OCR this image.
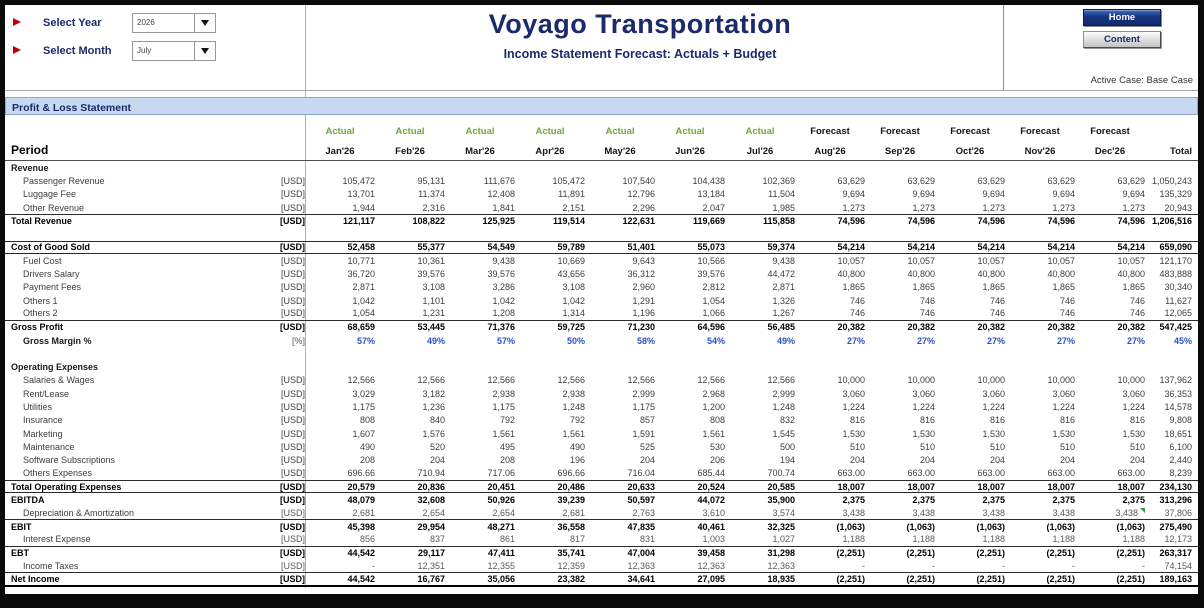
Select Year	2026
Select Month	July
Voyago Transportation
Income Statement Forecast: Actuals + Budget
Home
Content
Active Case: Base Case
Profit & Loss Statement
Actual	Actual	Actual	Actual	Actual	Actual	Actual	Forecast	Forecast	Forecast	Forecast	Forecast
Period	Jan'26	Feb'26	Mar'26	Apr'26	May'26	Jun'26	Jul'26	Aug'26	Sep'26	Oct'26	Nov'26	Dec'26	Total
Revenue
Passenger Revenue	[USD]	105,472	95,131	111,676	105,472	107,540	104,438	102,369	63,629	63,629	63,629	63,629	63,629 1,050,243
Luggage Fee	[USD]	13,701	11,374	12,408	11,891	12,796	13,184	11,504	9,694	9,694	9,694	9,694	9,694	135,329
Other Revenue	[USD]	1,944	2,316	1,841	2,151	2,296	2,047	1,985	1,273	1,273	1,273	1,273	1,273	20,943
Total Revenue	[USD]	121,117	108,822	125,925	119,514	122,631	119,669	115,858	74,596	74,596	74,596	74,596	74,596 1,206,516
Cost of Good Sold	[USD]	52,458	55,377	54,549	59,789	51,401	55,073	59,374	54,214	54,214	54,214	54,214	54,214	659,090
Fuel Cost	[USD]	10,771	10,361	9,438	10,669	9,643	10,566	9,438	10,057	10,057	10,057	10,057	10,057	121,170
Drivers Salary	[USD]	36,720	39,576	39,576	43,656	36,312	39,576	44,472	40,800	40,800	40,800	40,800	40,800	483,888
Payment Fees	[USD]	2,871	3,108	3,286	3,108	2,960	2,812	2,871	1,865	1,865	1,865	1,865	1,865	30,340
Others 1	[USD]	1,042	1,101	1,042	1,042	1,291	1,054	1,326	746	746	746	746	746	11,627
Others 2	[USD]	1,054	1,231	1,208	1,314	1,196	1,066	1,267	746	746	746	746	746	12,065
Gross Profit	[USD]	68,659	53,445	71,376	59,725	71,230	64,596	56,485	20,382	20,382	20,382	20,382	20,382	547,425
Gross Margin %	[%]	57%	49%	57%	50%	58%	54%	49%	27%	27%	27%	27%	27%	45%
Operating Expenses
Salaries & Wages	[USD]	12,566	12,566	12,566	12,566	12,566	12,566	12,566	10,000	10,000	10,000	10,000	10,000	137,962
Rent/Lease	[USD]	3,029	3,182	2,938	2,938	2,999	2,968	2,999	3,060	3,060	3,060	3,060	3,060	36,353
Utilities	[USD]	1,175	1,236	1,175	1,248	1,175	1,200	1,248	1,224	1,224	1,224	1,224	1,224	14,578
Insurance	[USD]	808	840	792	792	857	808	832	816	816	816	816	816	9,808
Marketing	[USD]	1,607	1,576	1,561	1,561	1,591	1,561	1,545	1,530	1,530	1,530	1,530	1,530	18,651
Maintenance	[USD]	490	520	495	490	525	530	500	510	510	510	510	510	6,100
Software Subscriptions	[USD]	208	204	208	196	204	206	194	204	204	204	204	204	2,440
Others Expenses	[USD]	696.66	710.94	717.06	696.66	716.04	685.44	700.74	663.00	663.00	663.00	663.00	663.00	8,239
Total Operating Expenses	[USD]	20,579	20,836	20,451	20,486	20,633	20,524	20,585	18,007	18,007	18,007	18,007	18,007	234,130
EBITDA	[USD]	48,079	32,608	50,926	39,239	50,597	44,072	35,900	2,375	2,375	2,375	2,375	2,375	313,296
Depreciation & Amortization	[USD]	2,681	2,654	2,654	2,681	2,763	3,610	3,574	3,438	3,438	3,438	3,438	3,438	37,806
EBIT	[USD]	45,398	29,954	48,271	36,558	47,835	40,461	32,325	(1,063)	(1,063)	(1,063)	(1,063)	(1,063)	275,490
Interest Expense	[USD]	856	837	861	817	831	1,003	1,027	1,188	1,188	1,188	1,188	1,188	12,173
EBT	[USD]	44,542	29,117	47,411	35,741	47,004	39,458	31,298	(2,251)	(2,251)	(2,251)	(2,251)	(2,251)	263,317
Income Taxes	[USD]	-	12,351	12,355	12,359	12,363	12,363	12,363	-	-	-	-	-	74,154
Net Income	[USD]	44,542	16,767	35,056	23,382	34,641	27,095	18,935	(2,251)	(2,251)	(2,251)	(2,251)	(2,251)	189,163
